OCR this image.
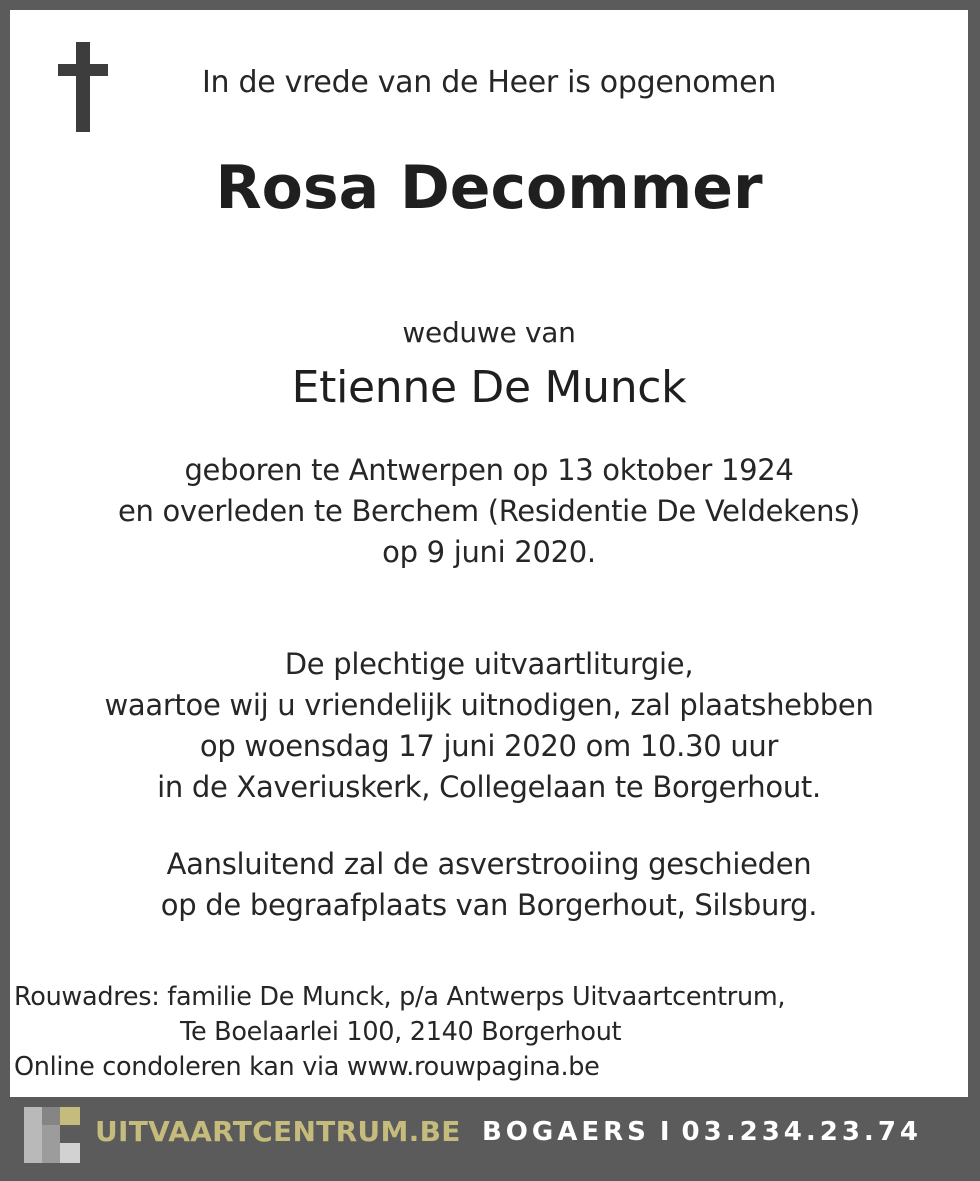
In de vrede van de Heer is opgenomen
Rosa Decommer
weduwe van
Etienne De Munck
geboren te Antwerpen op 13 oktober 1924
en overleden te Berchem (Residentie De Veldekens)
op 9 juni 2020.
De plechtige uitvaartliturgie,
waartoe wij u vriendelijk uitnodigen, zal plaatshebben
op woensdag 17 juni 2020 om 10.30 uur
in de Xaveriuskerk, Collegelaan te Borgerhout.
Aansluitend zal de asverstrooiing geschieden
op de begraafplaats van Borgerhout, Silsburg.
Rouwadres: familie De Munck, p/a Antwerps Uitvaartcentrum,
Te Boelaarlei 100, 2140 Borgerhout
Online condoleren kan via www.rouwpagina.be
UITVAARTCENTRUM.BE BOGAERS I 03.234.23.74
